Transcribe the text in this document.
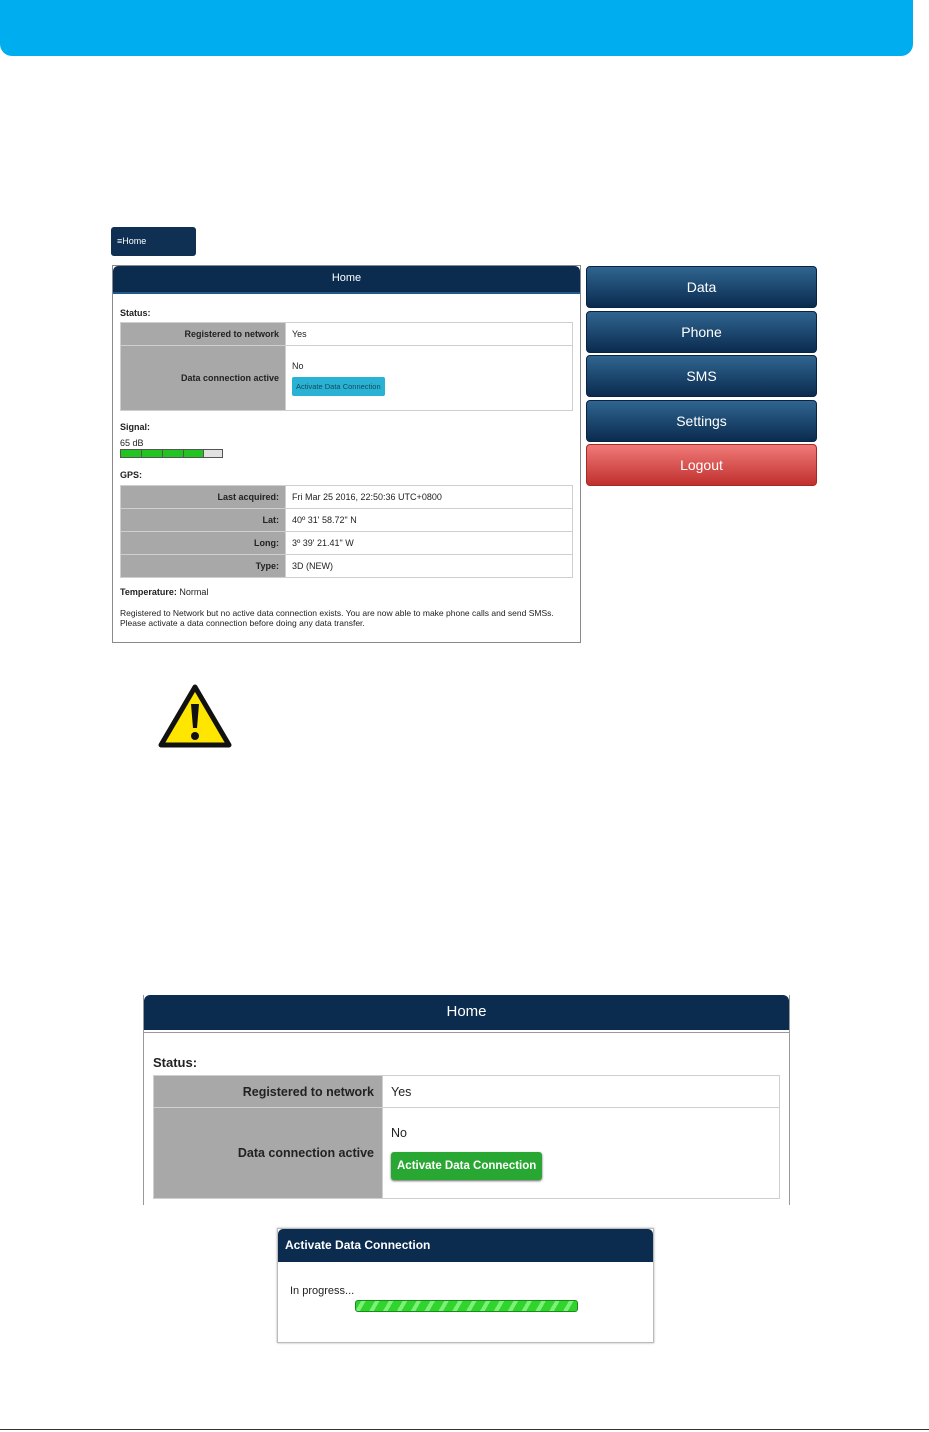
≡Home
Home
Status:
Registered to network	Yes
Data connection active	No
Activate Data Connection
Signal:
65 dB
GPS:
Last acquired:	Fri Mar 25 2016, 22:50:36 UTC+0800
Lat:	40º 31' 58.72" N
Long:	3º 39' 21.41" W
Type:	3D (NEW)
Temperature: Normal
Registered to Network but no active data connection exists. You are now able to make phone calls and send SMSs. Please activate a data connection before doing any data transfer.
Data
Phone
SMS
Settings
Logout
Home
Status:
Registered to network	Yes
Data connection active	No
Activate Data Connection
Activate Data Connection
In progress...
